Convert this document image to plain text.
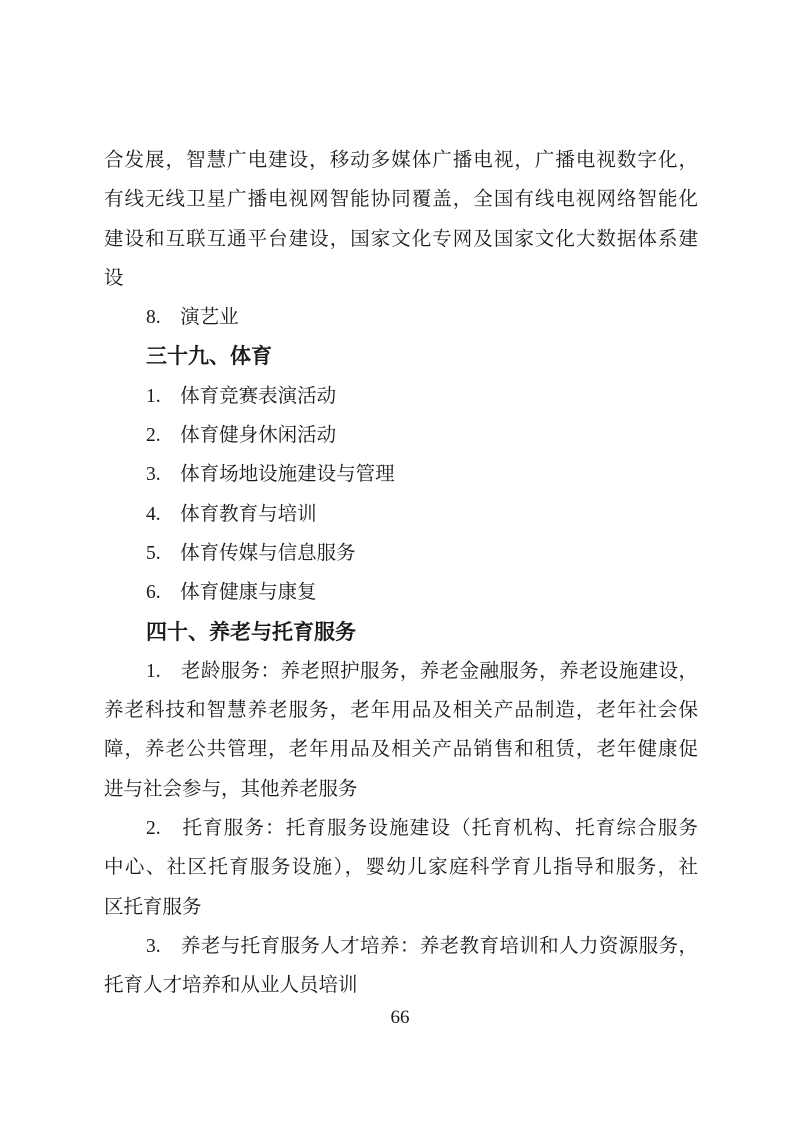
合发展，智慧广电建设，移动多媒体广播电视，广播电视数字化，
有线无线卫星广播电视网智能协同覆盖，全国有线电视网络智能化
建设和互联互通平台建设，国家文化专网及国家文化大数据体系建
设
8.　演艺业
三十九、体育
1.　体育竞赛表演活动
2.　体育健身休闲活动
3.　体育场地设施建设与管理
4.　体育教育与培训
5.　体育传媒与信息服务
6.　体育健康与康复
四十、养老与托育服务
1.　老龄服务：养老照护服务，养老金融服务，养老设施建设，
养老科技和智慧养老服务，老年用品及相关产品制造，老年社会保
障，养老公共管理，老年用品及相关产品销售和租赁，老年健康促
进与社会参与，其他养老服务
2.　托育服务：托育服务设施建设（托育机构、托育综合服务
中心、社区托育服务设施），婴幼儿家庭科学育儿指导和服务，社
区托育服务
3.　养老与托育服务人才培养：养老教育培训和人力资源服务，
托育人才培养和从业人员培训
66
